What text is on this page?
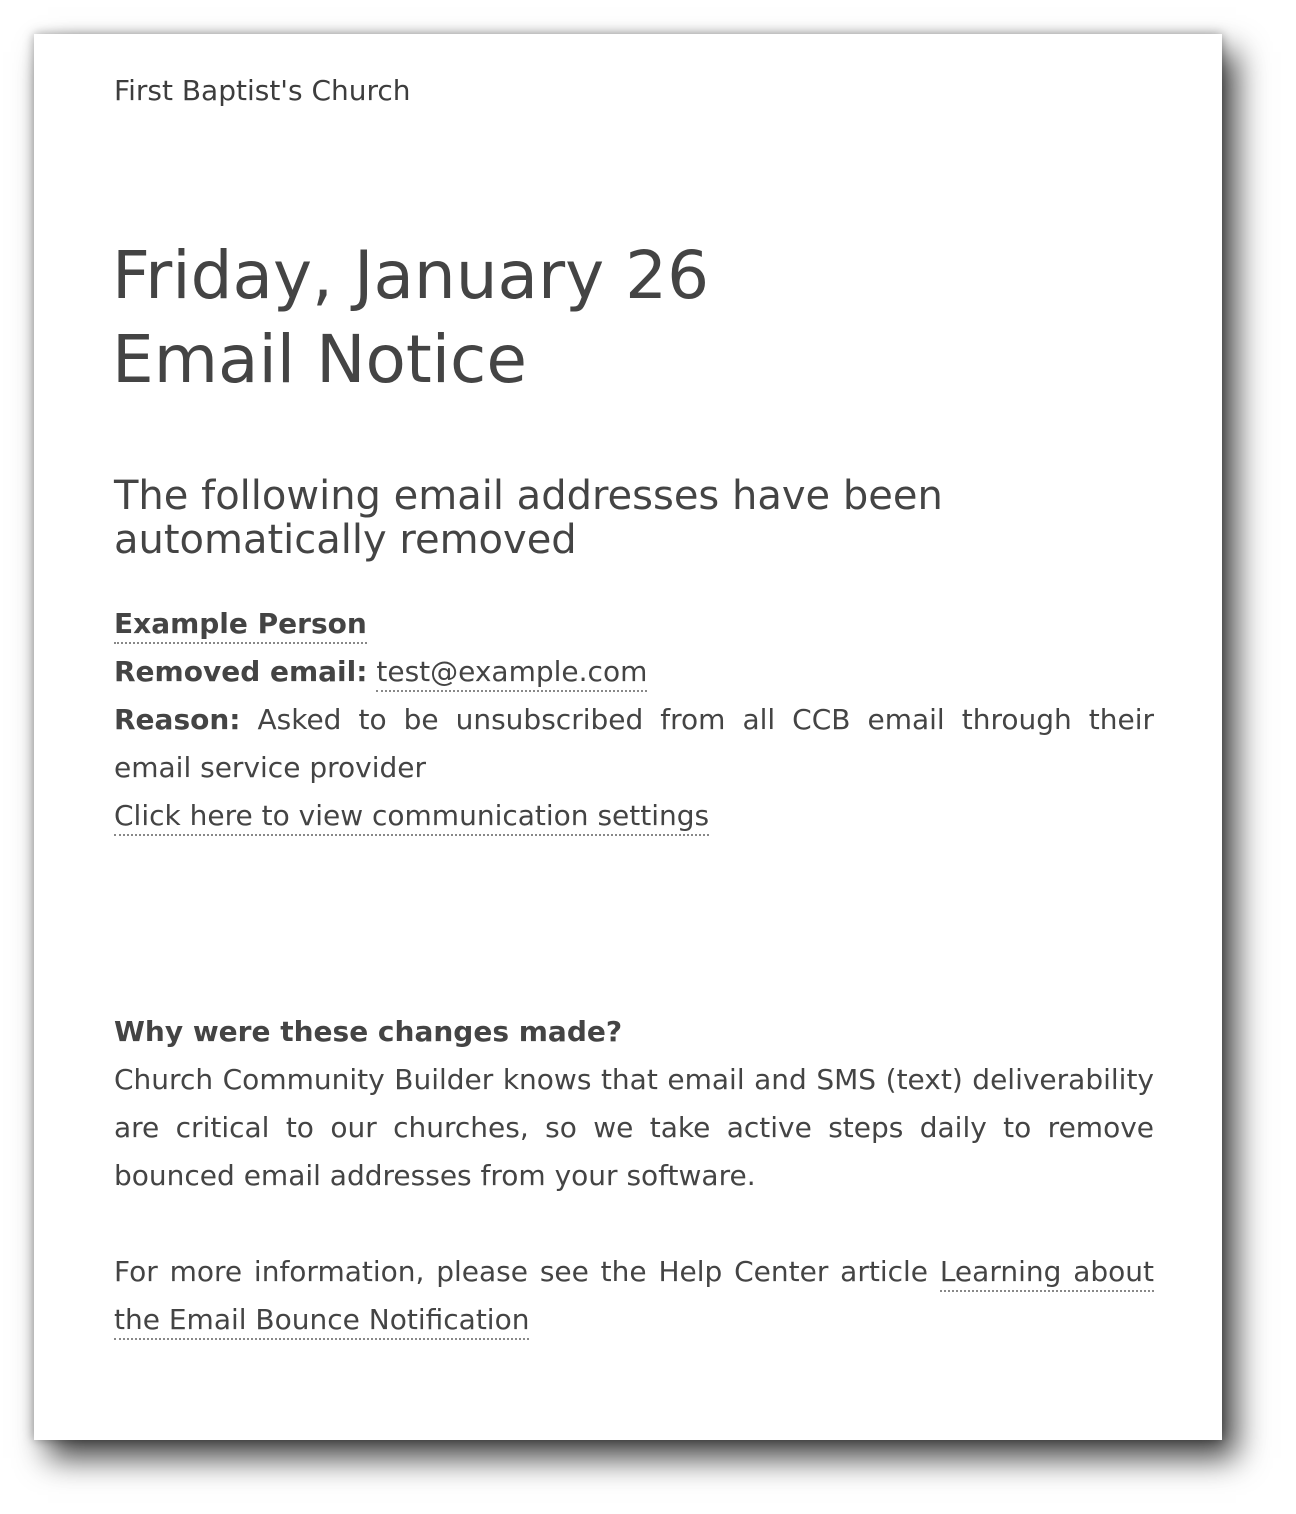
First Baptist's Church
Friday, January 26
Email Notice
The following email addresses have been automatically removed
Example Person
Removed email: test@example.com
Reason: Asked to be unsubscribed from all CCB email through their email service provider
Click here to view communication settings
Why were these changes made?

Church Community Builder knows that email and SMS (text) deliverability are critical to our churches, so we take active steps daily to remove bounced email addresses from your software.

For more information, please see the Help Center article Learning about the Email Bounce Notification
